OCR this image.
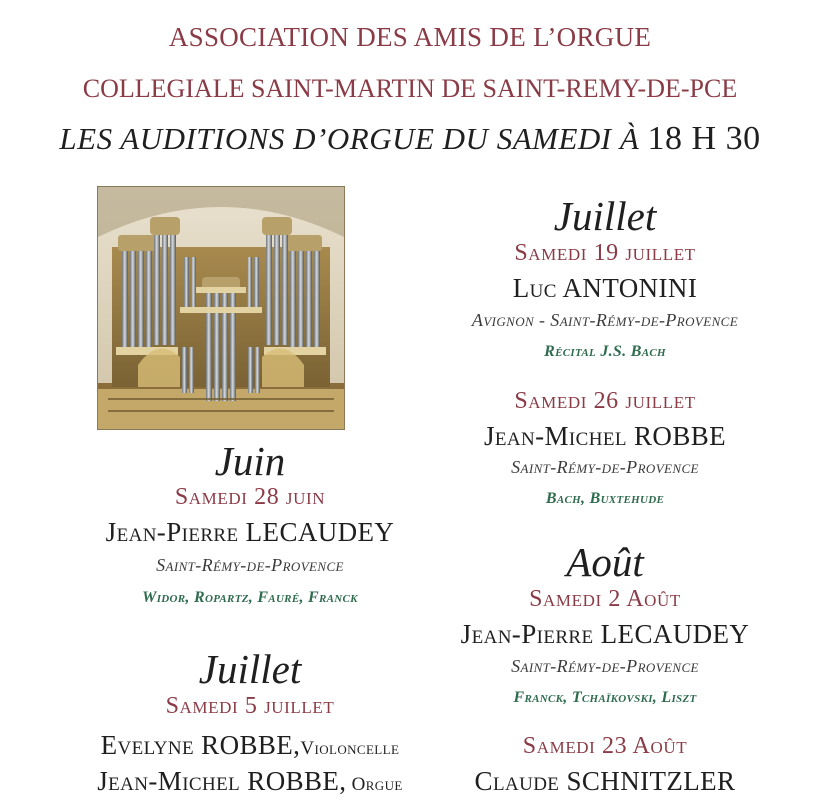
ASSOCIATION DES AMIS DE L’ORGUE
COLLEGIALE SAINT-MARTIN DE SAINT-REMY-DE-PCE
LES AUDITIONS D’ORGUE DU SAMEDI À 18 H 30
Juin
Samedi 28 juin
Jean-Pierre LECAUDEY
Saint-Rémy-de-Provence
Widor, Ropartz, Fauré, Franck
Juillet
Samedi 5 juillet
Evelyne ROBBE,Violoncelle
Jean-Michel ROBBE, Orgue
Juillet
Samedi 19 juillet
Luc ANTONINI
Avignon - Saint-Rémy-de-Provence
Récital J.S. Bach
Samedi 26 juillet
Jean-Michel ROBBE
Saint-Rémy-de-Provence
Bach, Buxtehude
Août
Samedi 2 Août
Jean-Pierre LECAUDEY
Saint-Rémy-de-Provence
Franck, Tchaïkovski, Liszt
Samedi 23 Août
Claude SCHNITZLER
